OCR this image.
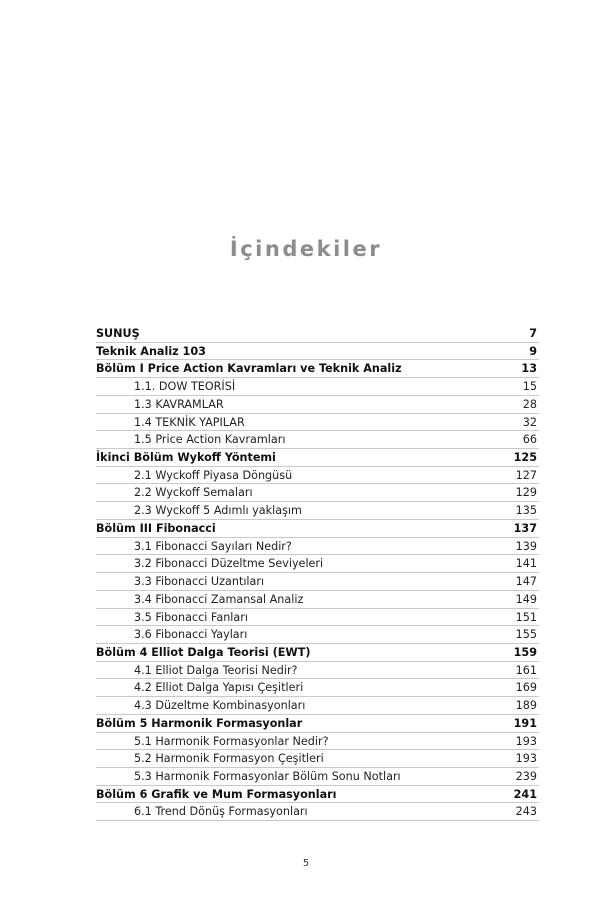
İçindekiler
SUNUŞ	7
Teknik Analiz 103	9
Bölüm I Price Action Kavramları ve Teknik Analiz	13
1.1. DOW TEORİSİ	15
1.3 KAVRAMLAR	28
1.4 TEKNİK YAPILAR	32
1.5 Price Action Kavramları	66
İkinci Bölüm Wykoff Yöntemi	125
2.1 Wyckoff Piyasa Döngüsü	127
2.2 Wyckoff Semaları	129
2.3 Wyckoff 5 Adımlı yaklaşım	135
Bölüm III Fibonacci	137
3.1 Fibonacci Sayıları Nedir?	139
3.2 Fibonacci Düzeltme Seviyeleri	141
3.3 Fibonacci Uzantıları	147
3.4 Fibonacci Zamansal Analiz	149
3.5 Fibonacci Fanları	151
3.6 Fibonacci Yayları	155
Bölüm 4 Elliot Dalga Teorisi (EWT)	159
4.1 Elliot Dalga Teorisi Nedir?	161
4.2 Elliot Dalga Yapısı Çeşitleri	169
4.3 Düzeltme Kombinasyonları	189
Bölüm 5 Harmonik Formasyonlar	191
5.1 Harmonik Formasyonlar Nedir?	193
5.2 Harmonik Formasyon Çeşitleri	193
5.3 Harmonik Formasyonlar Bölüm Sonu Notları	239
Bölüm 6 Grafik ve Mum Formasyonları	241
6.1 Trend Dönüş Formasyonları	243
5
